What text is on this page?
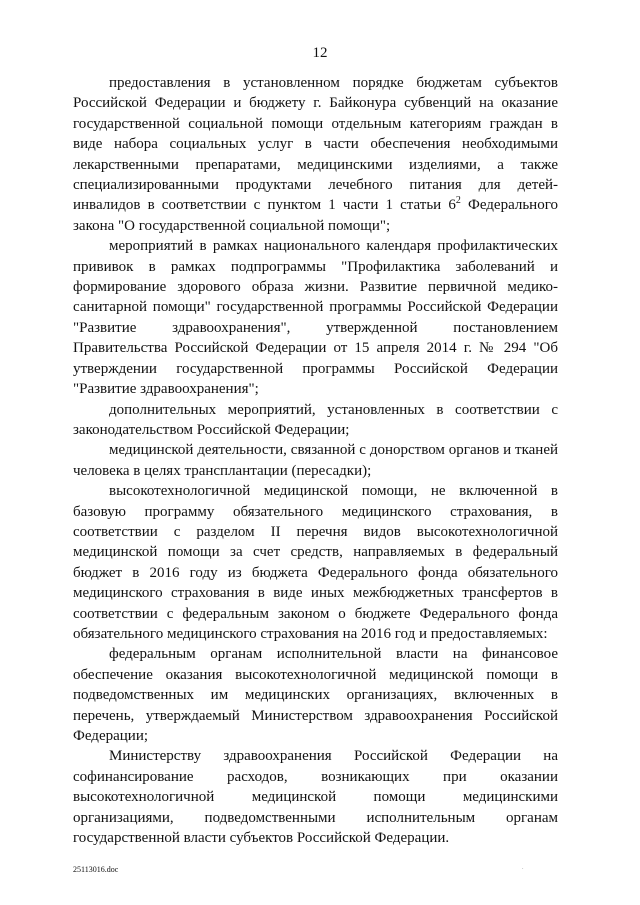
12

предоставления в установленном порядке бюджетам субъектов Российской Федерации и бюджету г. Байконура субвенций на оказание государственной социальной помощи отдельным категориям граждан в виде набора социальных услуг в части обеспечения необходимыми лекарственными препаратами, медицинскими изделиями, а также специализированными продуктами лечебного питания для детей-инвалидов в соответствии с пунктом 1 части 1 статьи $6^2$ Федерального закона "О государственной социальной помощи";

мероприятий в рамках национального календаря профилактических прививок в рамках подпрограммы "Профилактика заболеваний и формирование здорового образа жизни. Развитие первичной медико-санитарной помощи" государственной программы Российской Федерации "Развитие здравоохранения", утвержденной постановлением Правительства Российской Федерации от 15 апреля 2014 г. № 294 "Об утверждении государственной программы Российской Федерации "Развитие здравоохранения";

дополнительных мероприятий, установленных в соответствии с законодательством Российской Федерации;

медицинской деятельности, связанной с донорством органов и тканей человека в целях трансплантации (пересадки);

высокотехнологичной медицинской помощи, не включенной в базовую программу обязательного медицинского страхования, в соответствии с разделом II перечня видов высокотехнологичной медицинской помощи за счет средств, направляемых в федеральный бюджет в 2016 году из бюджета Федерального фонда обязательного медицинского страхования в виде иных межбюджетных трансфертов в соответствии с федеральным законом о бюджете Федерального фонда обязательного медицинского страхования на 2016 год и предоставляемых:

федеральным органам исполнительной власти на финансовое обеспечение оказания высокотехнологичной медицинской помощи в подведомственных им медицинских организациях, включенных в перечень, утверждаемый Министерством здравоохранения Российской Федерации;

Министерству здравоохранения Российской Федерации на софинансирование расходов, возникающих при оказании высокотехнологичной медицинской помощи медицинскими организациями, подведомственными исполнительным органам государственной власти субъектов Российской Федерации.

25113016.doc	.
